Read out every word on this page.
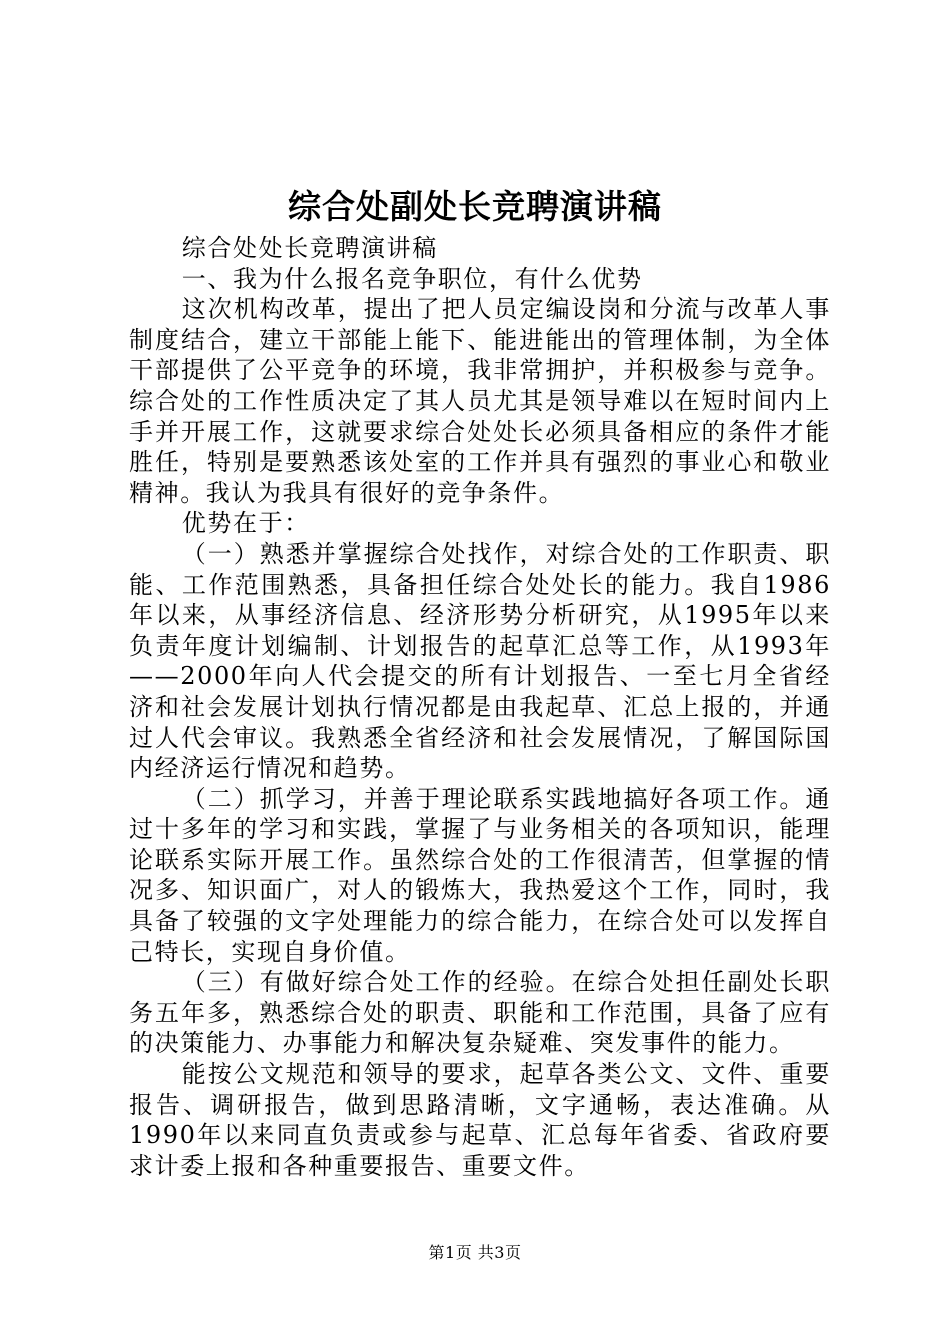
综合处副处长竞聘演讲稿

综合处处长竞聘演讲稿

一、我为什么报名竞争职位，有什么优势

这次机构改革，提出了把人员定编设岗和分流与改革人事制度结合，建立干部能上能下、能进能出的管理体制，为全体干部提供了公平竞争的环境，我非常拥护，并积极参与竞争。综合处的工作性质决定了其人员尤其是领导难以在短时间内上手并开展工作，这就要求综合处处长必须具备相应的条件才能胜任，特别是要熟悉该处室的工作并具有强烈的事业心和敬业精神。我认为我具有很好的竞争条件。

优势在于：

（一）熟悉并掌握综合处找作，对综合处的工作职责、职能、工作范围熟悉，具备担任综合处处长的能力。我自1986年以来，从事经济信息、经济形势分析研究，从1995年以来负责年度计划编制、计划报告的起草汇总等工作，从1993年——2000年向人代会提交的所有计划报告、一至七月全省经济和社会发展计划执行情况都是由我起草、汇总上报的，并通过人代会审议。我熟悉全省经济和社会发展情况，了解国际国内经济运行情况和趋势。

（二）抓学习，并善于理论联系实践地搞好各项工作。通过十多年的学习和实践，掌握了与业务相关的各项知识，能理论联系实际开展工作。虽然综合处的工作很清苦，但掌握的情况多、知识面广，对人的锻炼大，我热爱这个工作，同时，我具备了较强的文字处理能力的综合能力，在综合处可以发挥自己特长，实现自身价值。

（三）有做好综合处工作的经验。在综合处担任副处长职务五年多，熟悉综合处的职责、职能和工作范围，具备了应有的决策能力、办事能力和解决复杂疑难、突发事件的能力。

能按公文规范和领导的要求，起草各类公文、文件、重要报告、调研报告，做到思路清晰，文字通畅，表达准确。从1990年以来同直负责或参与起草、汇总每年省委、省政府要求计委上报和各种重要报告、重要文件。

第1页 共3页
